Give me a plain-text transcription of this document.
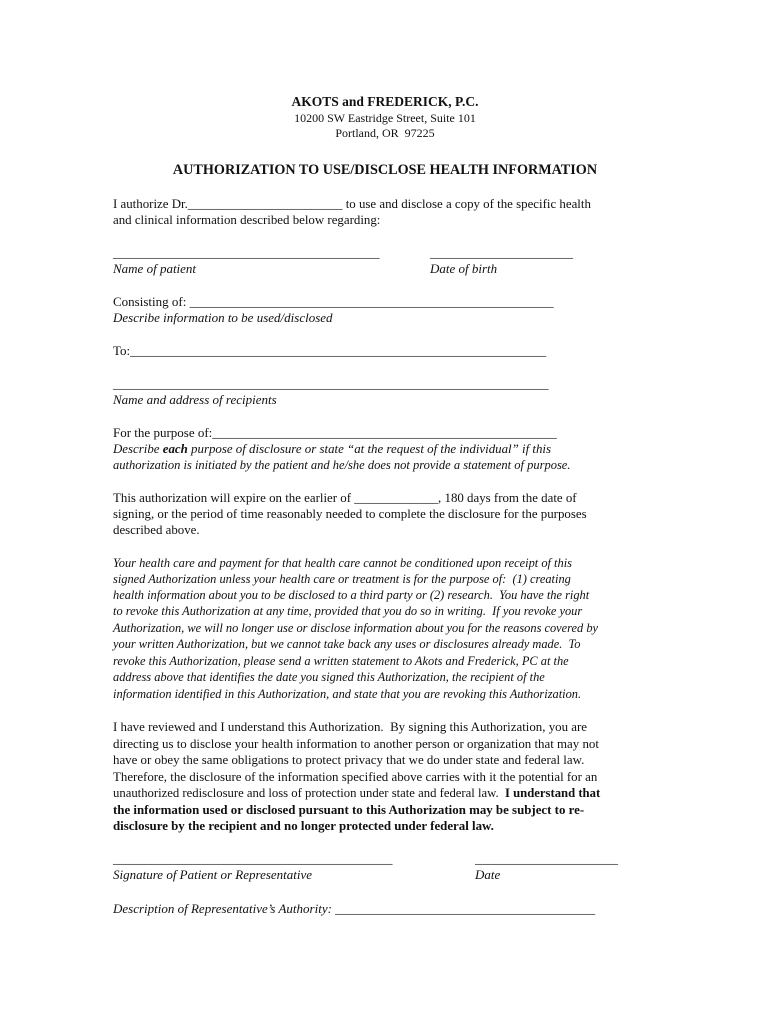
AKOTS and FREDERICK, P.C.
10200 SW Eastridge Street, Suite 101
Portland, OR  97225
AUTHORIZATION TO USE/DISCLOSE HEALTH INFORMATION
I authorize Dr.________________________ to use and disclose a copy of the specific health
and clinical information described below regarding:
_________________________________________	______________________
Name of patient	Date of birth
Consisting of: ________________________________________________________
Describe information to be used/disclosed
To:________________________________________________________________
___________________________________________________________________
Name and address of recipients
For the purpose of:_____________________________________________________
Describe each purpose of disclosure or state “at the request of the individual” if this
authorization is initiated by the patient and he/she does not provide a statement of purpose.
This authorization will expire on the earlier of _____________, 180 days from the date of
signing, or the period of time reasonably needed to complete the disclosure for the purposes
described above.
Your health care and payment for that health care cannot be conditioned upon receipt of this
signed Authorization unless your health care or treatment is for the purpose of:  (1) creating
health information about you to be disclosed to a third party or (2) research.  You have the right
to revoke this Authorization at any time, provided that you do so in writing.  If you revoke your
Authorization, we will no longer use or disclose information about you for the reasons covered by
your written Authorization, but we cannot take back any uses or disclosures already made.  To
revoke this Authorization, please send a written statement to Akots and Frederick, PC at the
address above that identifies the date you signed this Authorization, the recipient of the
information identified in this Authorization, and state that you are revoking this Authorization.
I have reviewed and I understand this Authorization.  By signing this Authorization, you are
directing us to disclose your health information to another person or organization that may not
have or obey the same obligations to protect privacy that we do under state and federal law.
Therefore, the disclosure of the information specified above carries with it the potential for an
unauthorized redisclosure and loss of protection under state and federal law.  I understand that
the information used or disclosed pursuant to this Authorization may be subject to re-
disclosure by the recipient and no longer protected under federal law.
___________________________________________	______________________
Signature of Patient or Representative	Date
Description of Representative’s Authority: ________________________________________
